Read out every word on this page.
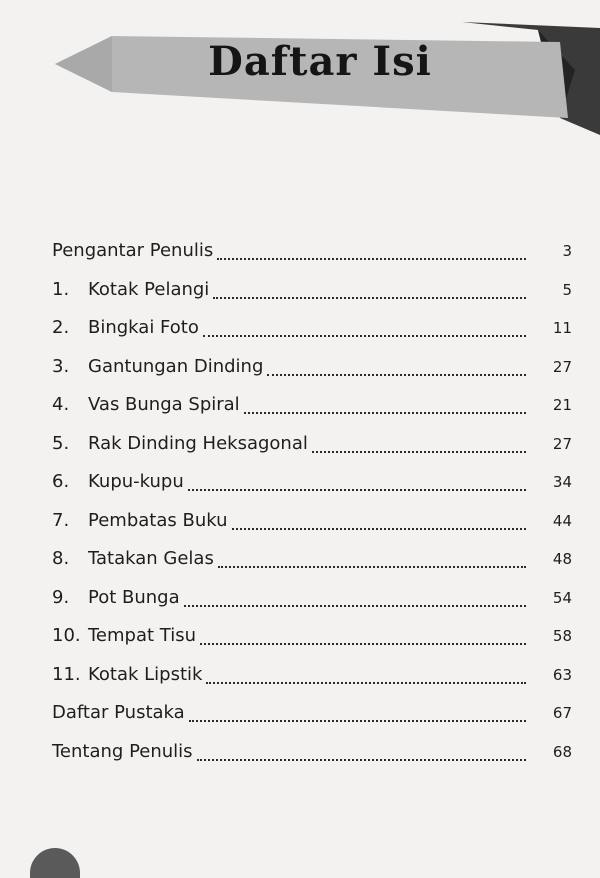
Daftar Isi
Pengantar Penulis	3
1. Kotak Pelangi	5
2. Bingkai Foto	11
3. Gantungan Dinding	27
4. Vas Bunga Spiral	21
5. Rak Dinding Heksagonal	27
6. Kupu-kupu	34
7. Pembatas Buku	44
8. Tatakan Gelas	48
9. Pot Bunga	54
10. Tempat Tisu	58
11. Kotak Lipstik	63
Daftar Pustaka	67
Tentang Penulis	68
